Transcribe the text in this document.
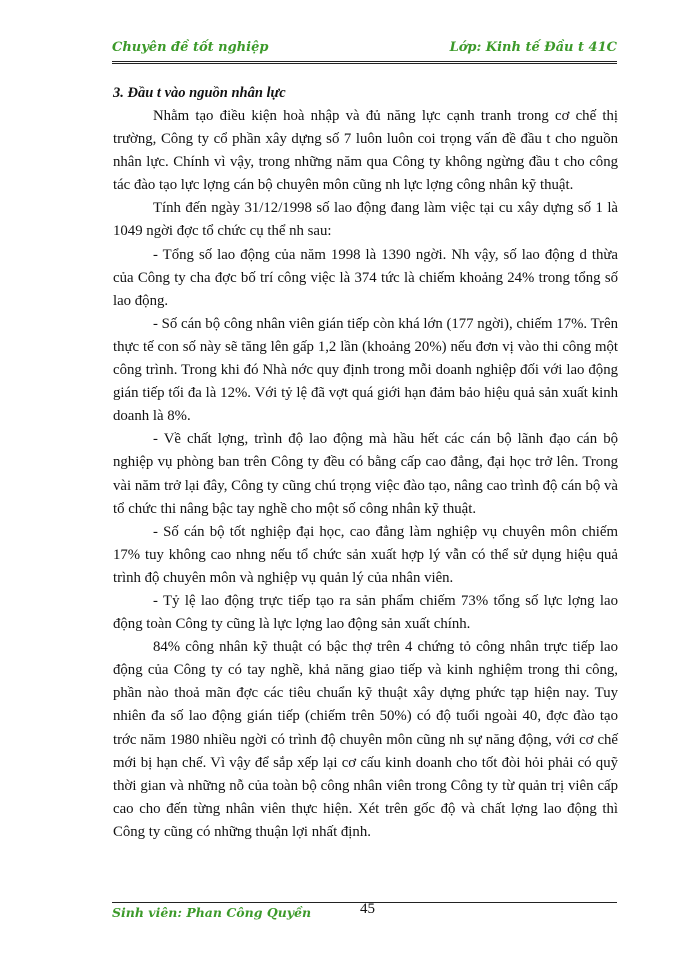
Chuyên đề tốt nghiệp	Lớp: Kinh tế Đầu t 41C
3. Đầu t vào nguồn nhân lực

Nhằm tạo điều kiện hoà nhập và đủ năng lực cạnh tranh trong cơ chế thị trường, Công ty cổ phần xây dựng số 7 luôn luôn coi trọng vấn đề đầu t cho nguồn nhân lực. Chính vì vậy, trong những năm qua Công ty không ngừng đầu t cho công tác đào tạo lực lợng cán bộ chuyên môn cũng nh lực lợng công nhân kỹ thuật.

Tính đến ngày 31/12/1998 số lao động đang làm việc tại cu xây dựng số 1 là 1049 ngời đợc tổ chức cụ thể nh sau:

- Tổng số lao động của năm 1998 là 1390 ngời. Nh vậy, số lao động d thừa của Công ty cha đợc bố trí công việc là 374 tức là chiếm khoảng 24% trong tổng số lao động.

- Số cán bộ công nhân viên gián tiếp còn khá lớn (177 ngời), chiếm 17%. Trên thực tế con số này sẽ tăng lên gấp 1,2 lần (khoảng 20%) nếu đơn vị vào thi công một công trình. Trong khi đó Nhà nớc quy định trong mỗi doanh nghiệp đối với lao động gián tiếp tối đa là 12%. Với tỷ lệ đã vợt quá giới hạn đảm bảo hiệu quả sản xuất kinh doanh là 8%.

- Về chất lợng, trình độ lao động mà hầu hết các cán bộ lãnh đạo cán bộ nghiệp vụ phòng ban trên Công ty đều có bằng cấp cao đẳng, đại học trở lên. Trong vài năm trở lại đây, Công ty cũng chú trọng việc đào tạo, nâng cao trình độ cán bộ và tổ chức thi nâng bậc tay nghề cho một số công nhân kỹ thuật.

- Số cán bộ tốt nghiệp đại học, cao đẳng làm nghiệp vụ chuyên môn chiếm 17% tuy không cao nhng nếu tổ chức sản xuất hợp lý vẫn có thể sử dụng hiệu quả trình độ chuyên môn và nghiệp vụ quản lý của nhân viên.

- Tỷ lệ lao động trực tiếp tạo ra sản phẩm chiếm 73% tổng số lực lợng lao động toàn Công ty cũng là lực lợng lao động sản xuất chính.

84% công nhân kỹ thuật có bậc thợ trên 4 chứng tỏ công nhân trực tiếp lao động của Công ty có tay nghề, khả năng giao tiếp và kinh nghiệm trong thi công, phần nào thoả mãn đợc các tiêu chuẩn kỹ thuật xây dựng phức tạp hiện nay. Tuy nhiên đa số lao động gián tiếp (chiếm trên 50%) có độ tuổi ngoài 40, đợc đào tạo trớc năm 1980 nhiều ngời có trình độ chuyên môn cũng nh sự năng động, với cơ chế mới bị hạn chế. Vì vậy để sắp xếp lại cơ cấu kinh doanh cho tốt đòi hỏi phải có quỹ thời gian và những nỗ của toàn bộ công nhân viên trong Công ty từ quản trị viên cấp cao cho đến từng nhân viên thực hiện. Xét trên gốc độ và chất lợng lao động thì Công ty cũng có những thuận lợi nhất định.

Sinh viên: Phan Công Quyền	45
